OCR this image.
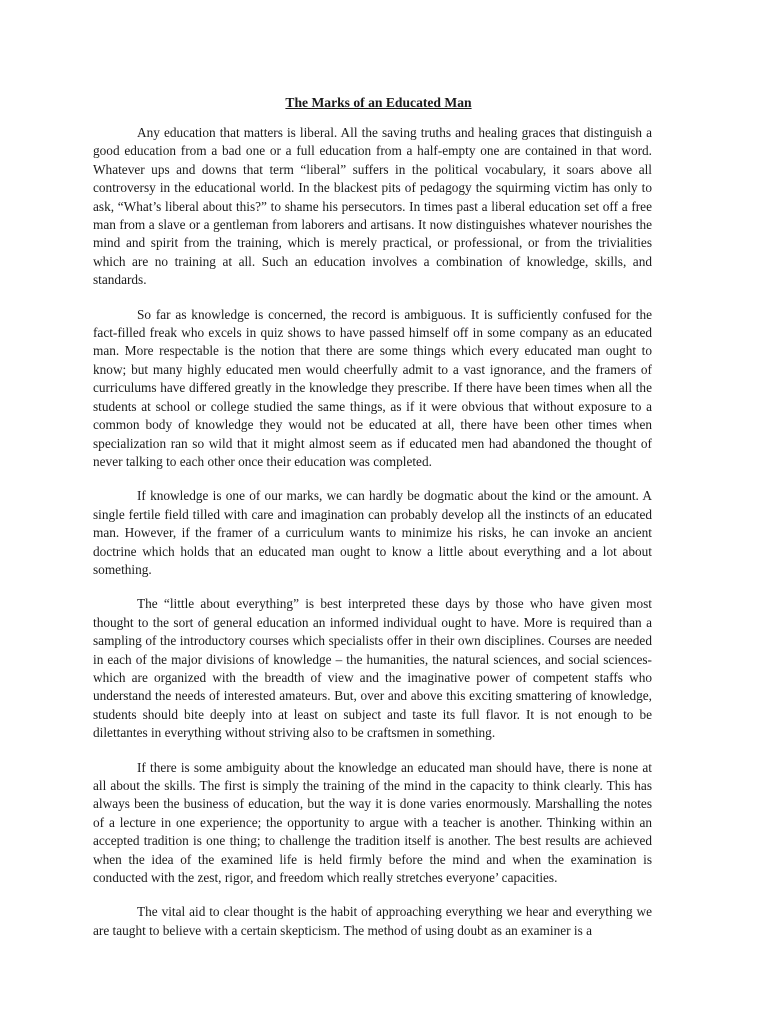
The Marks of an Educated Man

Any education that matters is liberal. All the saving truths and healing graces that distinguish a good education from a bad one or a full education from a half-empty one are contained in that word. Whatever ups and downs that term “liberal” suffers in the political vocabulary, it soars above all controversy in the educational world. In the blackest pits of pedagogy the squirming victim has only to ask, “What’s liberal about this?” to shame his persecutors. In times past a liberal education set off a free man from a slave or a gentleman from laborers and artisans. It now distinguishes whatever nourishes the mind and spirit from the training, which is merely practical, or professional, or from the trivialities which are no training at all. Such an education involves a combination of knowledge, skills, and standards.

So far as knowledge is concerned, the record is ambiguous. It is sufficiently confused for the fact-filled freak who excels in quiz shows to have passed himself off in some company as an educated man. More respectable is the notion that there are some things which every educated man ought to know; but many highly educated men would cheerfully admit to a vast ignorance, and the framers of curriculums have differed greatly in the knowledge they prescribe. If there have been times when all the students at school or college studied the same things, as if it were obvious that without exposure to a common body of knowledge they would not be educated at all, there have been other times when specialization ran so wild that it might almost seem as if educated men had abandoned the thought of never talking to each other once their education was completed.

If knowledge is one of our marks, we can hardly be dogmatic about the kind or the amount. A single fertile field tilled with care and imagination can probably develop all the instincts of an educated man. However, if the framer of a curriculum wants to minimize his risks, he can invoke an ancient doctrine which holds that an educated man ought to know a little about everything and a lot about something.

The “little about everything” is best interpreted these days by those who have given most thought to the sort of general education an informed individual ought to have. More is required than a sampling of the introductory courses which specialists offer in their own disciplines. Courses are needed in each of the major divisions of knowledge – the humanities, the natural sciences, and social sciences- which are organized with the breadth of view and the imaginative power of competent staffs who understand the needs of interested amateurs. But, over and above this exciting smattering of knowledge, students should bite deeply into at least on subject and taste its full flavor. It is not enough to be dilettantes in everything without striving also to be craftsmen in something.

If there is some ambiguity about the knowledge an educated man should have, there is none at all about the skills. The first is simply the training of the mind in the capacity to think clearly. This has always been the business of education, but the way it is done varies enormously. Marshalling the notes of a lecture in one experience; the opportunity to argue with a teacher is another. Thinking within an accepted tradition is one thing; to challenge the tradition itself is another. The best results are achieved when the idea of the examined life is held firmly before the mind and when the examination is conducted with the zest, rigor, and freedom which really stretches everyone’ capacities.

The vital aid to clear thought is the habit of approaching everything we hear and everything we are taught to believe with a certain skepticism. The method of using doubt as an examiner is a
